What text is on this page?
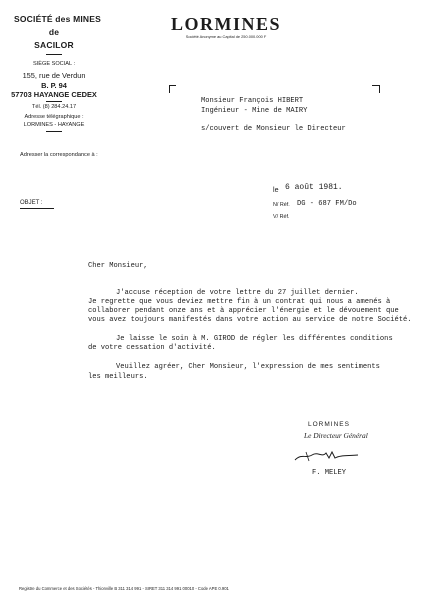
SOCIÉTÉ des MINES
de
SACILOR
SIÈGE SOCIAL :
155, rue de Verdun
B. P. 94
57703 HAYANGE CEDEX
Tél. (8) 284.24.17
Adresse télégraphique :
LORMINES - HAYANGE
Adresser la correspondance à :
LORMINES
Société Anonyme au Capital de 250.000.000 F
Monsieur François HIBERT
Ingénieur - Mine de MAIRY
s/couvert de Monsieur le Directeur
le 6 août 1981.
N/ Réf. DG - 687 FM/Do
V/ Réf.
OBJET :
Cher Monsieur,
J'accuse réception de votre lettre du 27 juillet dernier.
Je regrette que vous deviez mettre fin à un contrat qui nous a amenés à
collaborer pendant onze ans et à apprécier l'énergie et le dévouement que
vous avez toujours manifestés dans votre action au service de notre Société.
Je laisse le soin à M. GIROD de régler les différentes conditions
de votre cessation d'activité.
Veuillez agréer, Cher Monsieur, l'expression de mes sentiments
les meilleurs.
LORMINES
Le Directeur Général
F. MELEY
Registre du Commerce et des Sociétés - Thionville B 311 314 991 - SIRET 311 314 991 00010 - Code APE 0.901
